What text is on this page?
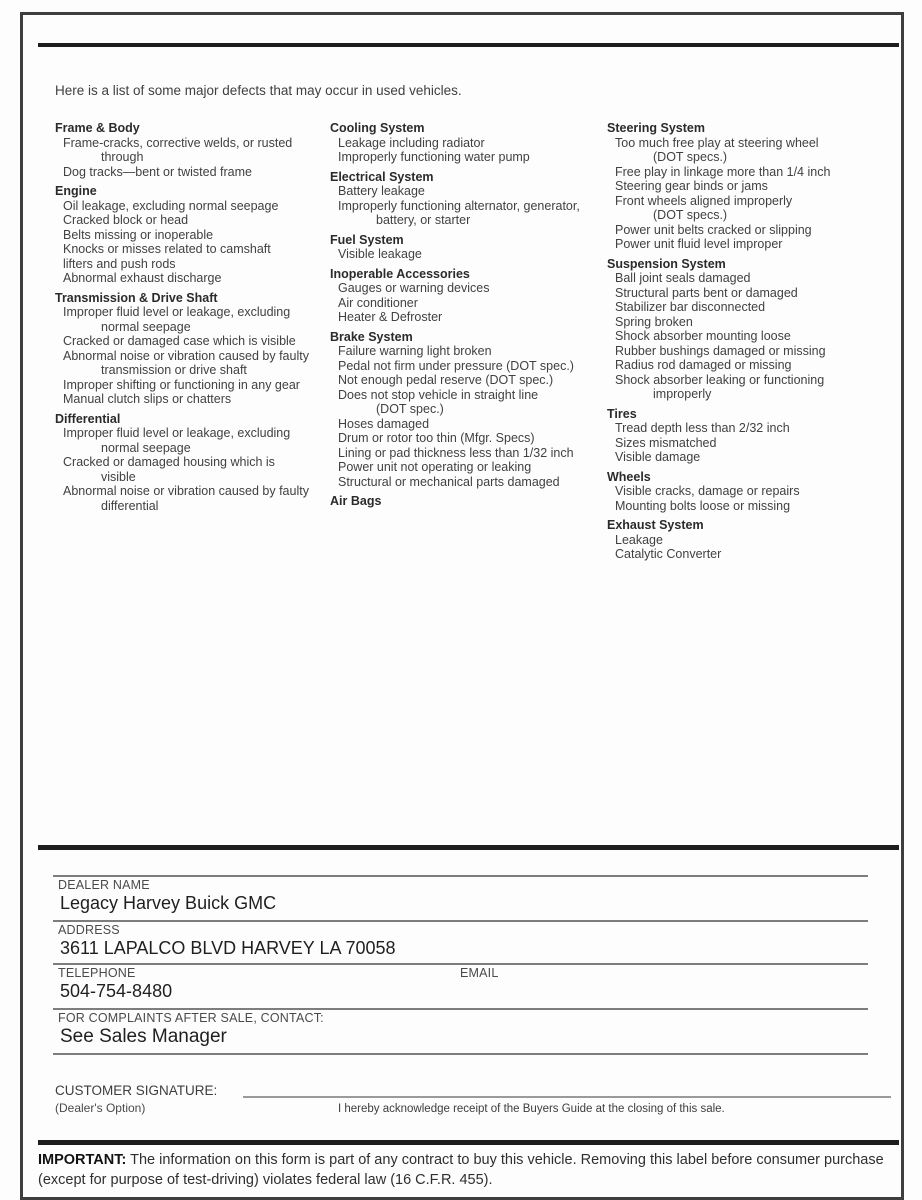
Here is a list of some major defects that may occur in used vehicles.
Frame & Body
Frame-cracks, corrective welds, or rusted
through
Dog tracks—bent or twisted frame
Engine
Oil leakage, excluding normal seepage
Cracked block or head
Belts missing or inoperable
Knocks or misses related to camshaft
lifters and push rods
Abnormal exhaust discharge
Transmission & Drive Shaft
Improper fluid level or leakage, excluding
normal seepage
Cracked or damaged case which is visible
Abnormal noise or vibration caused by faulty
transmission or drive shaft
Improper shifting or functioning in any gear
Manual clutch slips or chatters
Differential
Improper fluid level or leakage, excluding
normal seepage
Cracked or damaged housing which is
visible
Abnormal noise or vibration caused by faulty
differential
Cooling System
Leakage including radiator
Improperly functioning water pump
Electrical System
Battery leakage
Improperly functioning alternator, generator,
battery, or starter
Fuel System
Visible leakage
Inoperable Accessories
Gauges or warning devices
Air conditioner
Heater & Defroster
Brake System
Failure warning light broken
Pedal not firm under pressure (DOT spec.)
Not enough pedal reserve (DOT spec.)
Does not stop vehicle in straight line
(DOT spec.)
Hoses damaged
Drum or rotor too thin (Mfgr. Specs)
Lining or pad thickness less than 1/32 inch
Power unit not operating or leaking
Structural or mechanical parts damaged
Air Bags
Steering System
Too much free play at steering wheel
(DOT specs.)
Free play in linkage more than 1/4 inch
Steering gear binds or jams
Front wheels aligned improperly
(DOT specs.)
Power unit belts cracked or slipping
Power unit fluid level improper
Suspension System
Ball joint seals damaged
Structural parts bent or damaged
Stabilizer bar disconnected
Spring broken
Shock absorber mounting loose
Rubber bushings damaged or missing
Radius rod damaged or missing
Shock absorber leaking or functioning
improperly
Tires
Tread depth less than 2/32 inch
Sizes mismatched
Visible damage
Wheels
Visible cracks, damage or repairs
Mounting bolts loose or missing
Exhaust System
Leakage
Catalytic Converter
DEALER NAME
Legacy Harvey Buick GMC
ADDRESS
3611 LAPALCO BLVD HARVEY LA 70058
TELEPHONE	EMAIL
504-754-8480
FOR COMPLAINTS AFTER SALE, CONTACT:
See Sales Manager
CUSTOMER SIGNATURE:
(Dealer's Option)	I hereby acknowledge receipt of the Buyers Guide at the closing of this sale.
IMPORTANT: The information on this form is part of any contract to buy this vehicle. Removing this label before consumer purchase (except for purpose of test-driving) violates federal law (16 C.F.R. 455).
